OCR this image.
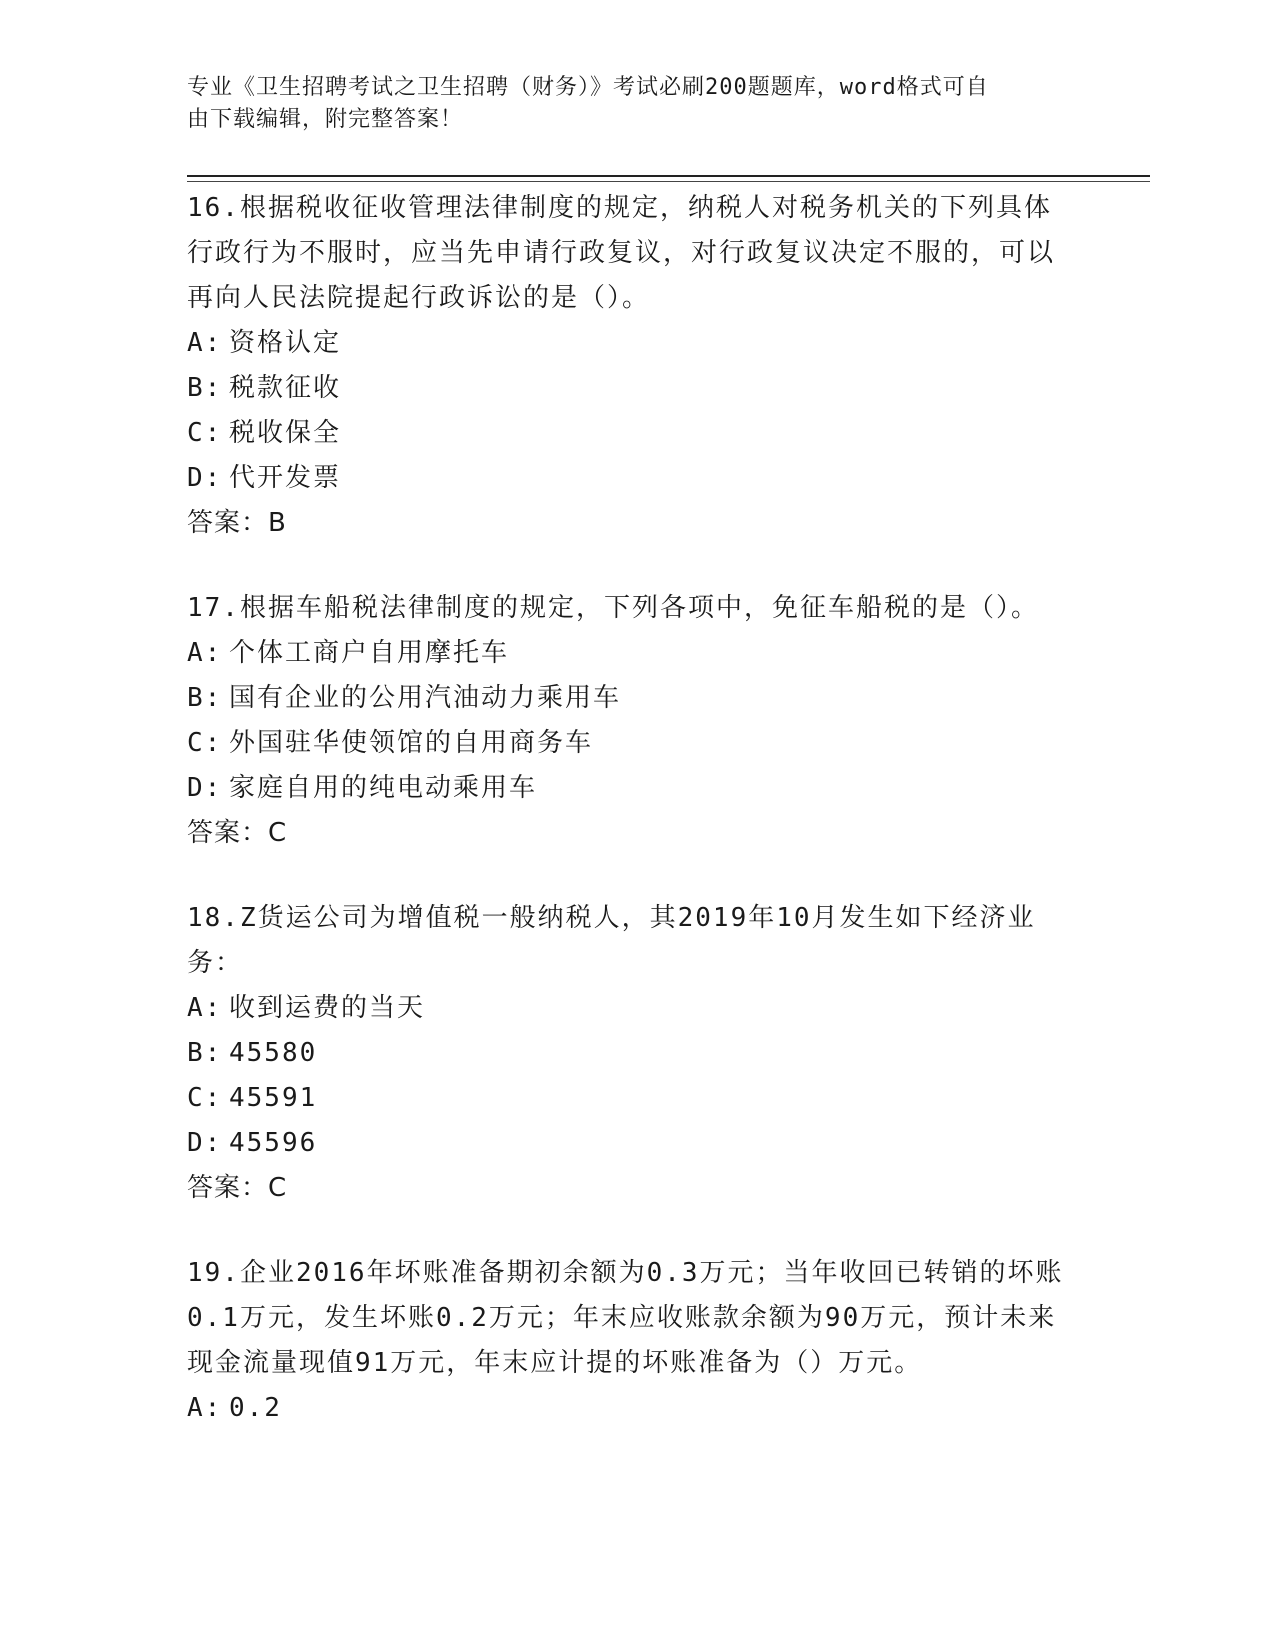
专业《卫生招聘考试之卫生招聘（财务）》考试必刷200题题库，word格式可自
由下载编辑，附完整答案！

16.根据税收征收管理法律制度的规定，纳税人对税务机关的下列具体行政行为不服时，应当先申请行政复议，对行政复议决定不服的，可以再向人民法院提起行政诉讼的是（）。

A: 资格认定
B: 税款征收
C: 税收保全
D: 代开发票

答案：B

17.根据车船税法律制度的规定，下列各项中，免征车船税的是（）。

A: 个体工商户自用摩托车
B: 国有企业的公用汽油动力乘用车
C: 外国驻华使领馆的自用商务车
D: 家庭自用的纯电动乘用车

答案：C

18.Z货运公司为增值税一般纳税人，其2019年10月发生如下经济业务：

A: 收到运费的当天
B: 45580
C: 45591
D: 45596

答案：C

19.企业2016年坏账准备期初余额为0.3万元；当年收回已转销的坏账0.1万元，发生坏账0.2万元；年末应收账款余额为90万元，预计未来现金流量现值91万元，年末应计提的坏账准备为（）万元。

A: 0.2
